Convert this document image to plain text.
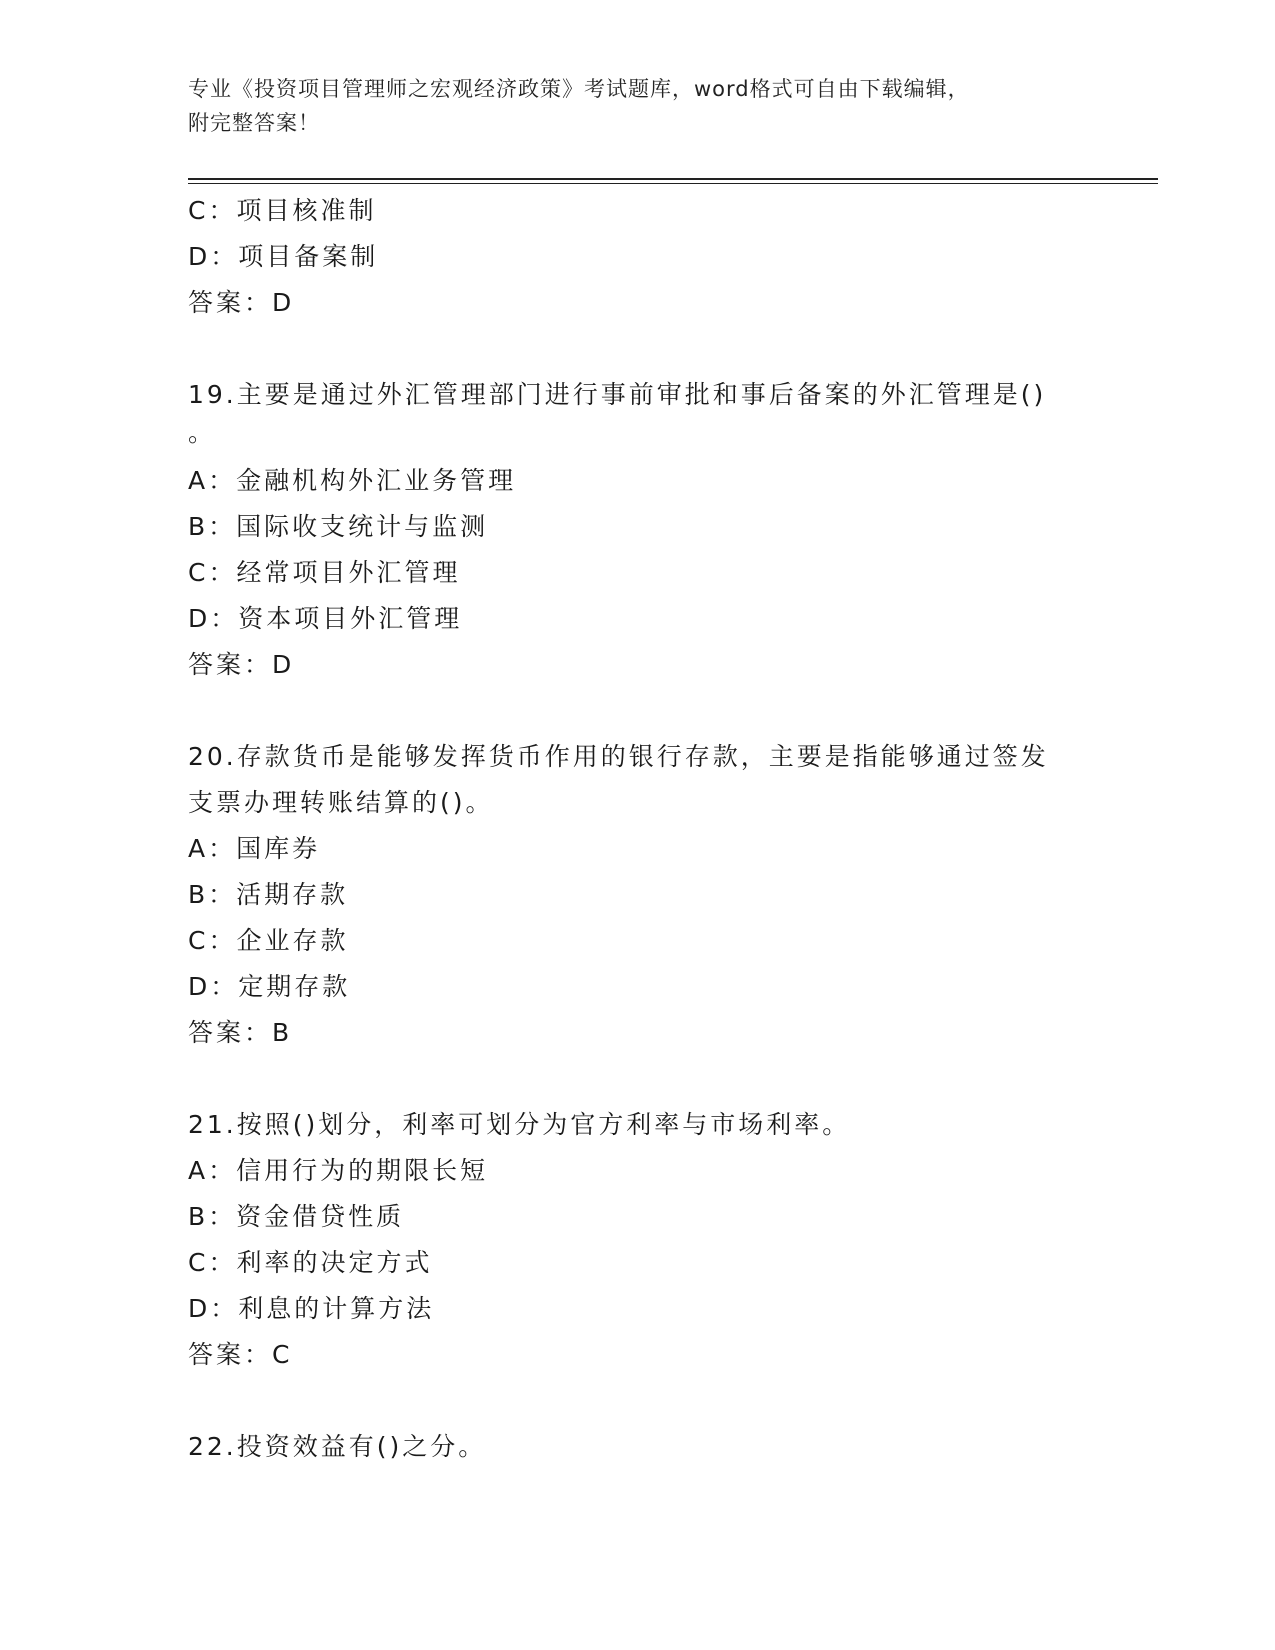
专业《投资项目管理师之宏观经济政策》考试题库，word格式可自由下载编辑，
附完整答案！
C：项目核准制
D：项目备案制
答案：D
19.主要是通过外汇管理部门进行事前审批和事后备案的外汇管理是()
。
A：金融机构外汇业务管理
B：国际收支统计与监测
C：经常项目外汇管理
D：资本项目外汇管理
答案：D
20.存款货币是能够发挥货币作用的银行存款，主要是指能够通过签发
支票办理转账结算的()。
A：国库券
B：活期存款
C：企业存款
D：定期存款
答案：B
21.按照()划分，利率可划分为官方利率与市场利率。
A：信用行为的期限长短
B：资金借贷性质
C：利率的决定方式
D：利息的计算方法
答案：C
22.投资效益有()之分。
